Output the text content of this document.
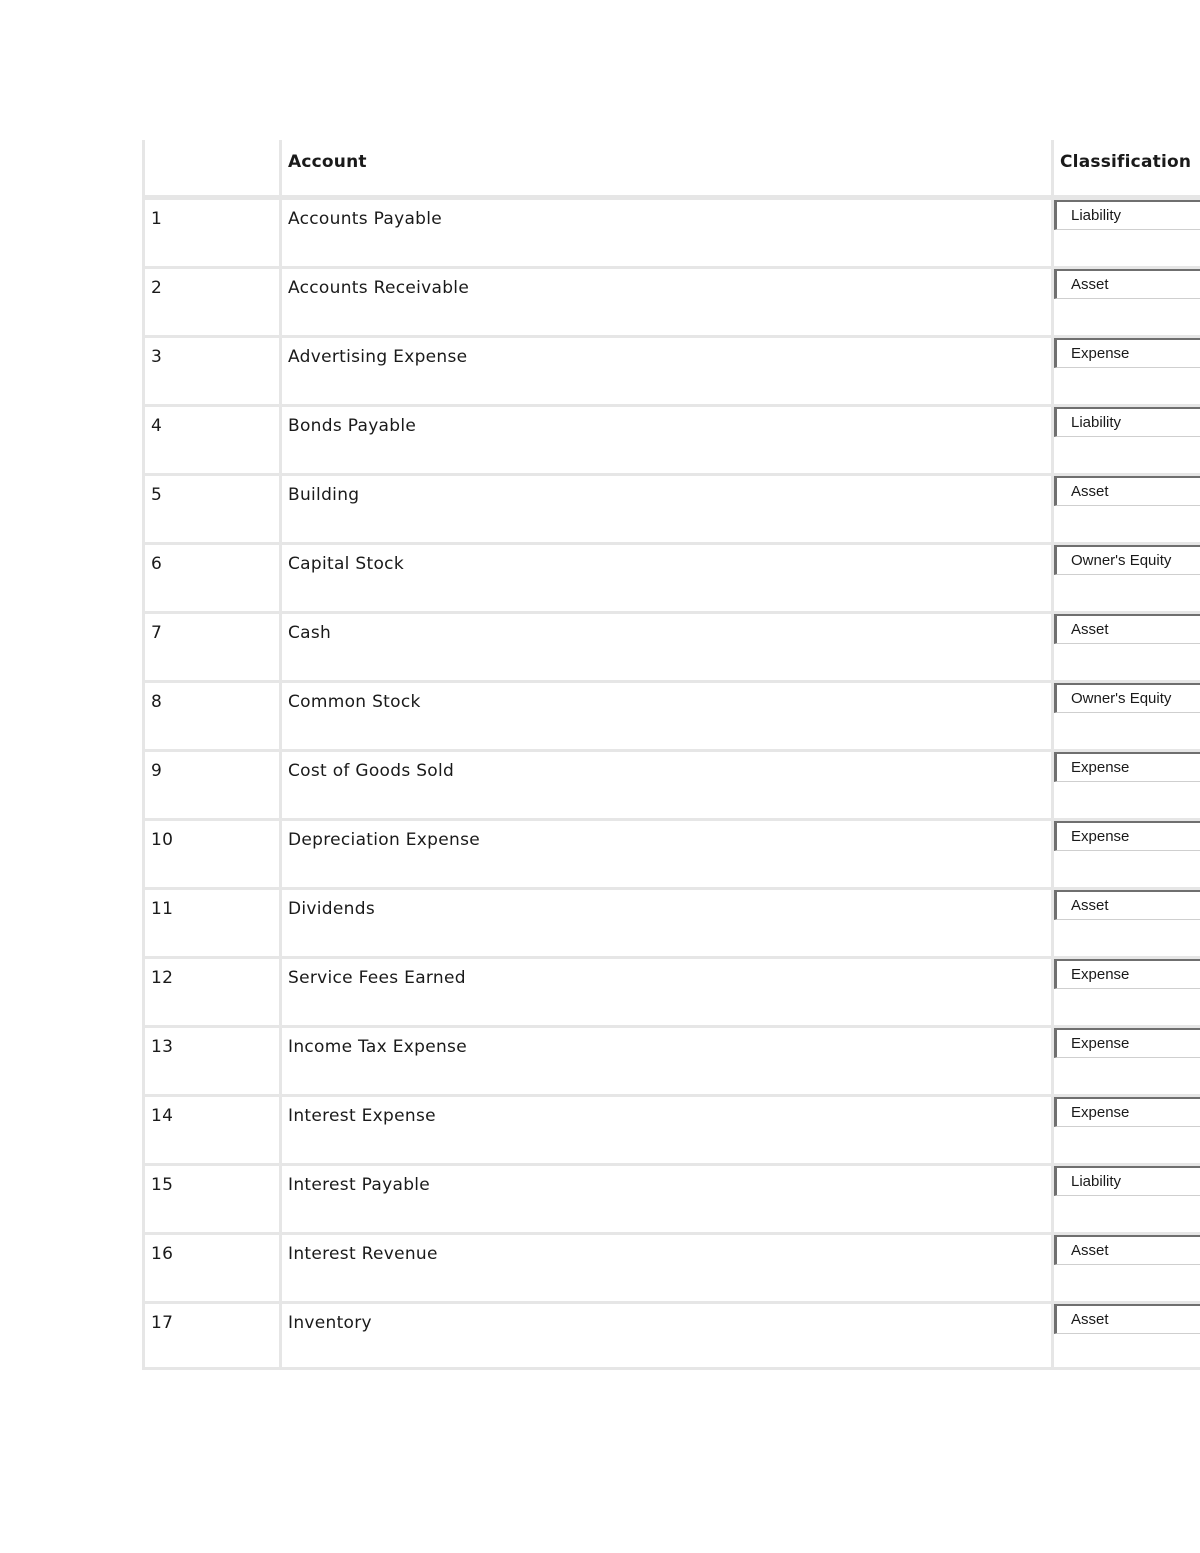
	Account	Classification

1	Accounts Payable	Liability

2	Accounts Receivable	Asset

3	Advertising Expense	Expense

4	Bonds Payable	Liability

5	Building	Asset

6	Capital Stock	Owner's Equity

7	Cash	Asset

8	Common Stock	Owner's Equity

9	Cost of Goods Sold	Expense

10	Depreciation Expense	Expense

11	Dividends	Asset

12	Service Fees Earned	Expense

13	Income Tax Expense	Expense

14	Interest Expense	Expense

15	Interest Payable	Liability

16	Interest Revenue	Asset

17	Inventory	Asset
